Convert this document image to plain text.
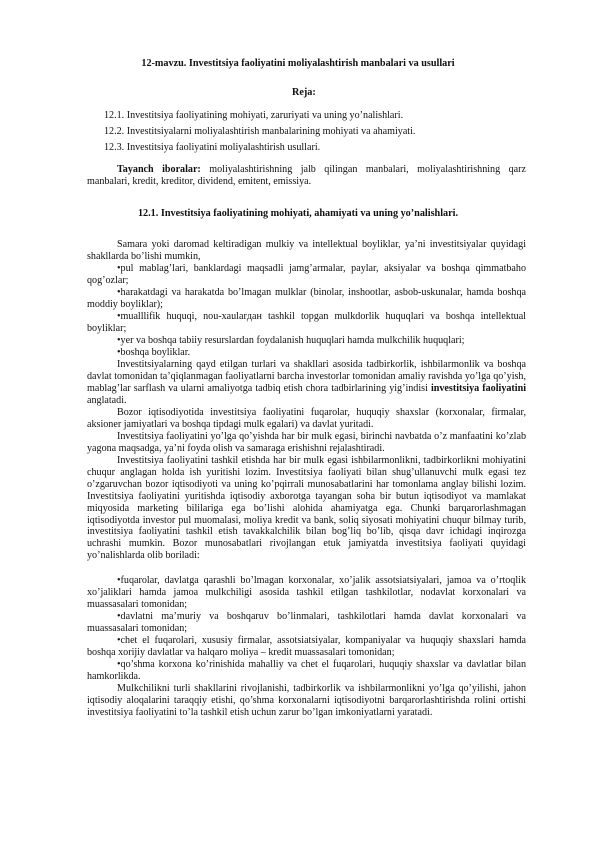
12-mavzu. Investitsiya faoliyatini moliyalashtirish manbalari va usullari
Reja:
12.1. Investitsiya faoliyatining mohiyati, zaruriyati va uning yo’nalishlari.
12.2. Investitsiyalarni moliyalashtirish manbalarining mohiyati va ahamiyati.
12.3. Investitsiya faoliyatini moliyalashtirish usullari.
Tayanch iboralar: moliyalashtirishning jalb qilingan manbalari, moliyalashtirishning qarz manbalari, kredit, kreditor, dividend, emitent, emissiya.
12.1. Investitsiya faoliyatining mohiyati, ahamiyati va uning yo’nalishlari.
Samara yoki daromad keltiradigan mulkiy va intellektual boyliklar, ya’ni investitsiyalar quyidagi shakllarda bo’lishi mumkin,
• pul mablag’lari, banklardagi maqsadli jamg’armalar, paylar, aksiyalar va boshqa qimmatbaho qog’ozlar;
• harakatdagi va harakatda bo’lmagan mulklar (binolar, inshootlar, asbob-uskunalar, hamda boshqa moddiy boyliklar);
• mualllifik huquqi, nou-xaularдан tashkil topgan mulkdorlik huquqlari va boshqa intellektual boyliklar;
• yer va boshqa tabiiy resurslardan foydalanish huquqlari hamda mulkchilik huquqlari;
• boshqa boyliklar.
Investitsiyalarning qayd etilgan turlari va shakllari asosida tadbirkorlik, ishbilarmonlik va boshqa davlat tomonidan ta’qiqlanmagan faoliyatlarni barcha investorlar tomonidan amaliy ravishda yo’lga qo’yish, mablag’lar sarflash va ularni amaliyotga tadbiq etish chora tadbirlarining yig’indisi investitsiya faoliyatini anglatadi.
Bozor iqtisodiyotida investitsiya faoliyatini fuqarolar, huquqiy shaxslar (korxonalar, firmalar, aksioner jamiyatlari va boshqa tipdagi mulk egalari) va davlat yuritadi.
Investitsiya faoliyatini yo’lga qo’yishda har bir mulk egasi, birinchi navbatda o’z manfaatini ko’zlab yagona maqsadga, ya’ni foyda olish va samaraga erishishni rejalashtiradi.
Investitsiya faoliyatini tashkil etishda har bir mulk egasi ishbilarmonlikni, tadbirkorlikni mohiyatini chuqur anglagan holda ish yuritishi lozim. Investitsiya faoliyati bilan shug’ullanuvchi mulk egasi tez o’zgaruvchan bozor iqtisodiyoti va uning ko’pqirrali munosabatlarini har tomonlama anglay bilishi lozim. Investitsiya faoliyatini yuritishda iqtisodiy axborotga tayangan soha bir butun iqtisodiyot va mamlakat miqyosida marketing bililariga ega bo’lishi alohida ahamiyatga ega. Chunki barqarorlashmagan iqtisodiyotda investor pul muomalasi, moliya kredit va bank, soliq siyosati mohiyatini chuqur bilmay turib, investitsiya faoliyatini tashkil etish tavakkalchilik bilan bog’liq bo’lib, qisqa davr ichidagi inqirozga uchrashi mumkin. Bozor munosabatlari rivojlangan etuk jamiyatda investitsiya faoliyati quyidagi yo’nalishlarda olib boriladi:
• fuqarolar, davlatga qarashli bo’lmagan korxonalar, xo’jalik assotsiatsiyalari, jamoa va o’rtoqlik xo’jaliklari hamda jamoa mulkchiligi asosida tashkil etilgan tashkilotlar, nodavlat korxonalari va muassasalari tomonidan;
• davlatni ma’muriy va boshqaruv bo’linmalari, tashkilotlari hamda davlat korxonalari va muassasalari tomonidan;
• chet el fuqarolari, xususiy firmalar, assotsiatsiyalar, kompaniyalar va huquqiy shaxslari hamda boshqa xorijiy davlatlar va halqaro moliya – kredit muassasalari tomonidan;
• qo’shma korxona ko’rinishida mahalliy va chet el fuqarolari, huquqiy shaxslar va davlatlar bilan hamkorlikda.
Mulkchilikni turli shakllarini rivojlanishi, tadbirkorlik va ishbilarmonlikni yo’lga qo’yilishi, jahon iqtisodiy aloqalarini taraqqiy etishi, qo’shma korxonalarni iqtisodiyotni barqarorlashtirishda rolini ortishi investitsiya faoliyatini to’la tashkil etish uchun zarur bo’lgan imkoniyatlarni yaratadi.
